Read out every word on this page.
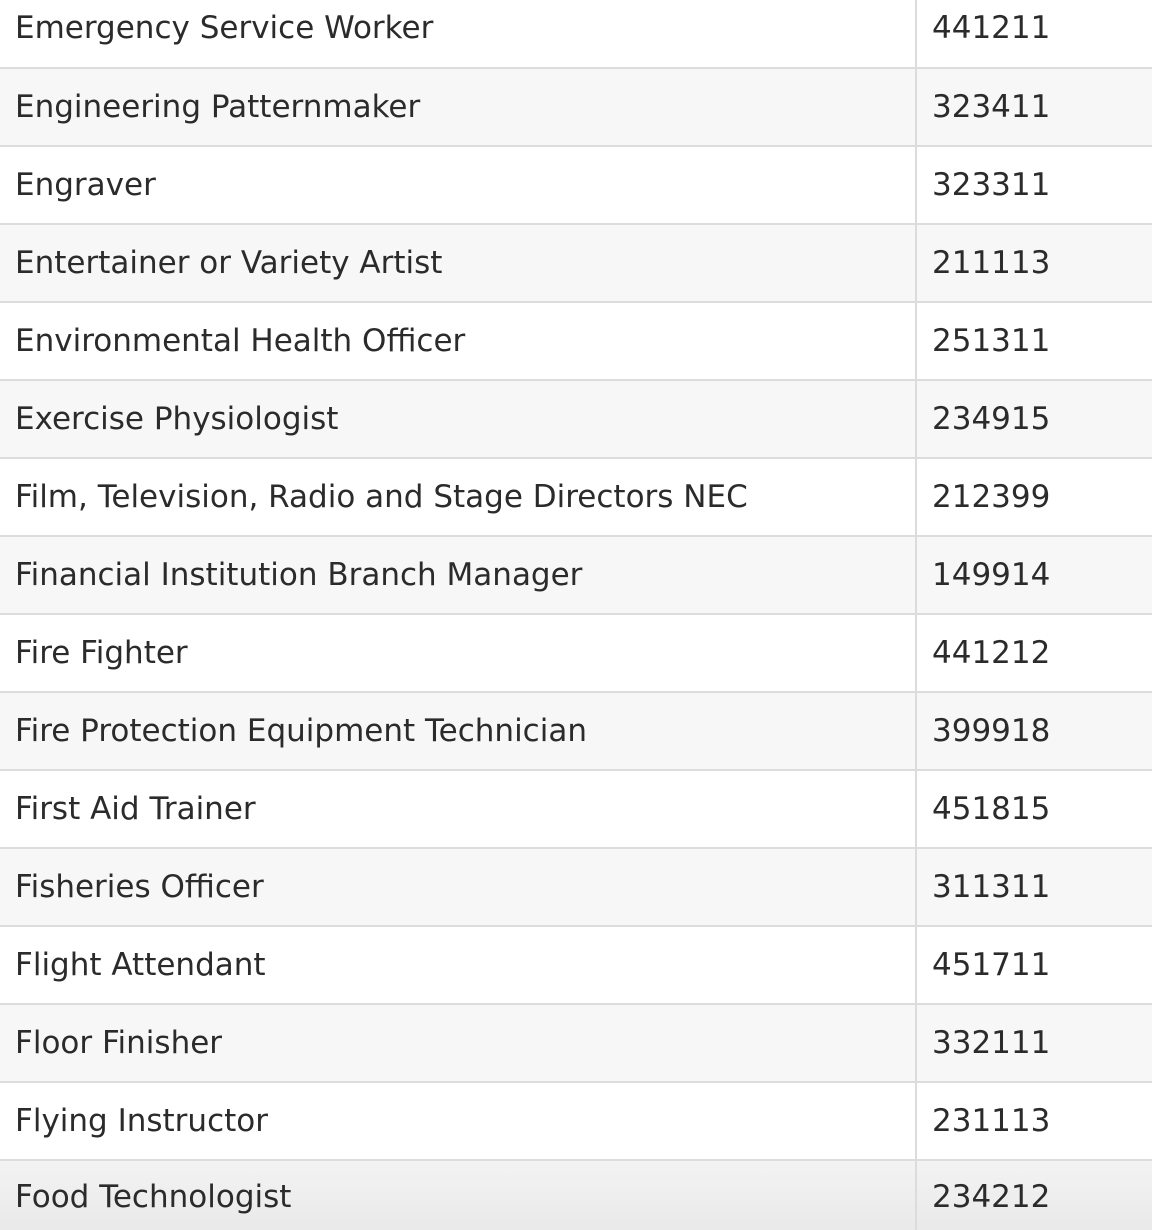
Emergency Service Worker	441211
Engineering Patternmaker	323411
Engraver	323311
Entertainer or Variety Artist	211113
Environmental Health Officer	251311
Exercise Physiologist	234915
Film, Television, Radio and Stage Directors NEC	212399
Financial Institution Branch Manager	149914
Fire Fighter	441212
Fire Protection Equipment Technician	399918
First Aid Trainer	451815
Fisheries Officer	311311
Flight Attendant	451711
Floor Finisher	332111
Flying Instructor	231113
Food Technologist	234212
